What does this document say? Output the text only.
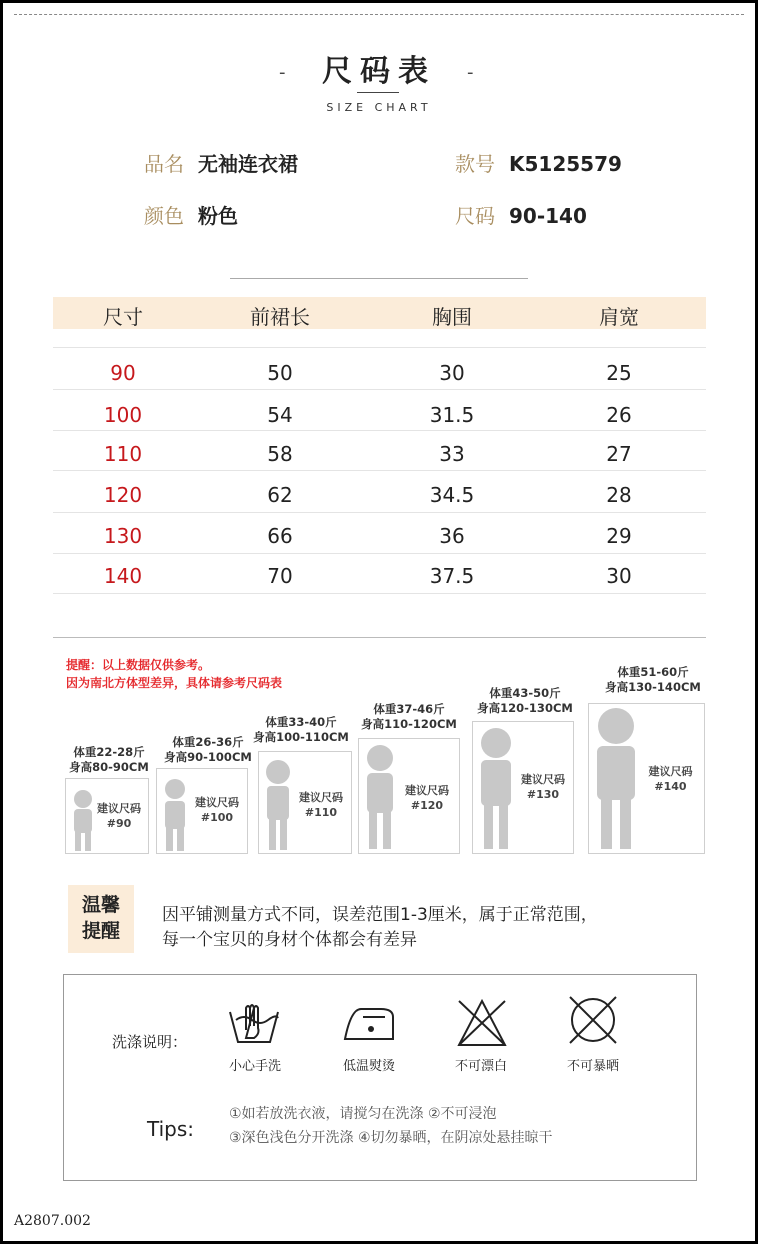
-	尺码表	-
SIZE CHART
品名 无袖连衣裙	款号 K5125579
颜色 粉色	尺码 90-140
尺寸	前裙长	胸围	肩宽
90	50	30	25
100	54	31.5	26
110	58	33	27
120	62	34.5	28
130	66	36	29
140	70	37.5	30
提醒：以上数据仅供参考。
因为南北方体型差异，具体请参考尺码表
体重22-28斤
身高80-90CM
建议尺码
#90
体重26-36斤
身高90-100CM
建议尺码
#100
体重33-40斤
身高100-110CM
建议尺码
#110
体重37-46斤
身高110-120CM
建议尺码
#120
体重43-50斤
身高120-130CM
建议尺码
#130
体重51-60斤
身高130-140CM
建议尺码
#140
温馨
提醒
因平铺测量方式不同，误差范围1-3厘米，属于正常范围，
每一个宝贝的身材个体都会有差异
洗涤说明：
小心手洗	低温熨烫	不可漂白	不可暴晒
Tips:
①如若放洗衣液，请搅匀在洗涤 ②不可浸泡
③深色浅色分开洗涤 ④切勿暴晒，在阴凉处悬挂晾干
A2807.002
